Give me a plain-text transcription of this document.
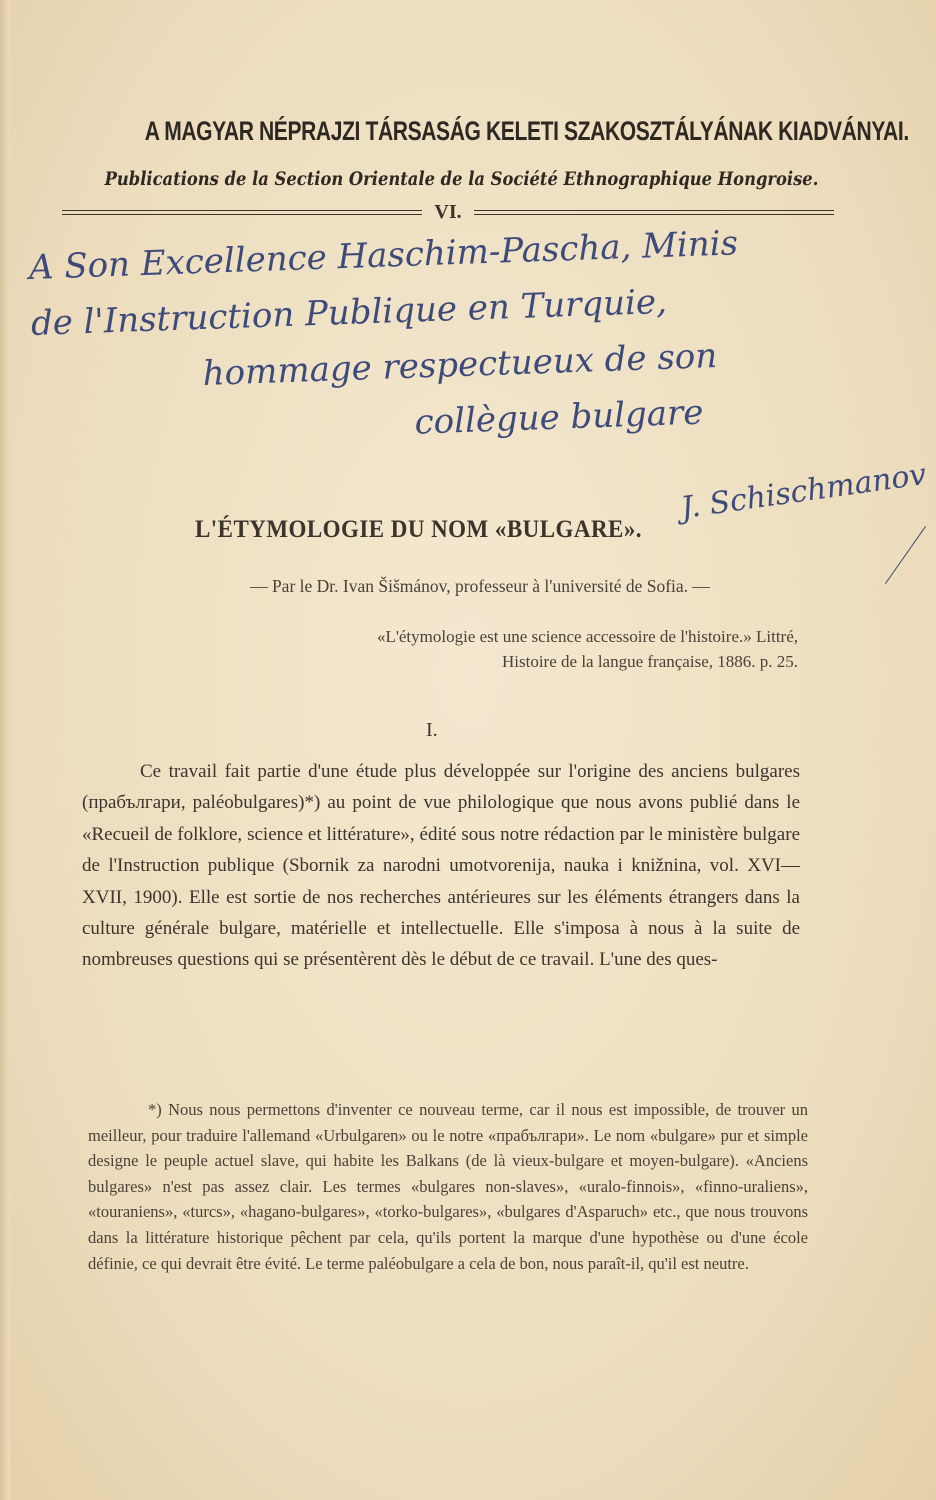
A MAGYAR NÉPRAJZI TÁRSASÁG KELETI SZAKOSZTÁLYÁNAK KIADVÁNYAI.
Publications de la Section Orientale de la Société Ethnographique Hongroise.
VI.
A Son Excellence Haschim-Pascha, Minis
de l'Instruction Publique en Turquie,
hommage respectueux de son
collègue bulgare
J. Schischmanov
L'ÉTYMOLOGIE DU NOM «BULGARE».
— Par le Dr. Ivan Šišmánov, professeur à l'université de Sofia. —
«L'étymologie est une science accessoire de l'histoire.» Littré, Histoire de la langue française, 1886. p. 25.
I.

Ce travail fait partie d'une étude plus développée sur l'origine des anciens bulgares (прабългари, paléobulgares)*) au point de vue philologique que nous avons publié dans le «Recueil de folklore, science et littérature», édité sous notre rédaction par le ministère bulgare de l'Instruction publique (Sbornik za narodni umotvorenija, nauka i knižnina, vol. XVI—XVII, 1900). Elle est sortie de nos recherches antérieures sur les éléments étrangers dans la culture générale bulgare, matérielle et intellectuelle. Elle s'imposa à nous à la suite de nombreuses questions qui se présentèrent dès le début de ce travail. L'une des ques-

*) Nous nous permettons d'inventer ce nouveau terme, car il nous est impossible, de trouver un meilleur, pour traduire l'allemand «Urbulgaren» ou le notre «прабългари». Le nom «bulgare» pur et simple designe le peuple actuel slave, qui habite les Balkans (de là vieux-bulgare et moyen-bulgare). «Anciens bulgares» n'est pas assez clair. Les termes «bulgares non-slaves», «uralo-finnois», «finno-uraliens», «touraniens», «turcs», «hagano-bulgares», «torko-bulgares», «bulgares d'Asparuch» etc., que nous trouvons dans la littérature historique pêchent par cela, qu'ils portent la marque d'une hypothèse ou d'une école définie, ce qui devrait être évité. Le terme paléobulgare a cela de bon, nous paraît-il, qu'il est neutre.
